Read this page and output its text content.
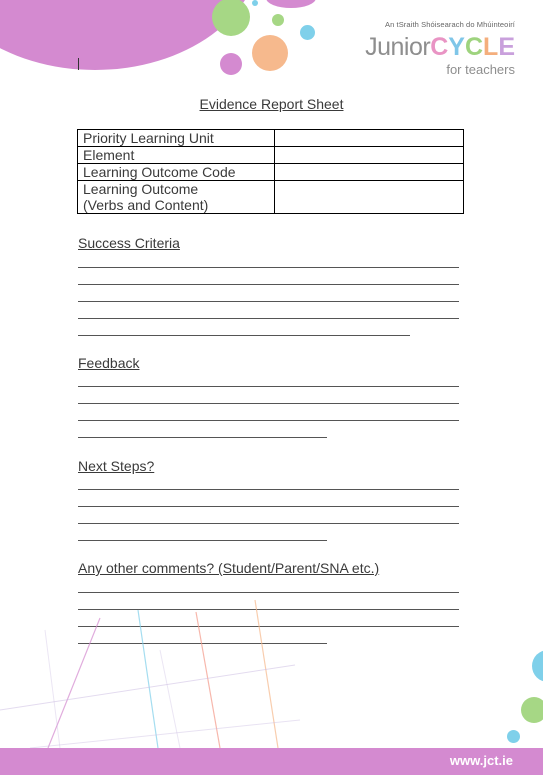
An tSraith Shóisearach do Mhúinteoirí
JuniorCYCLE
for teachers
Evidence Report Sheet
Priority Learning Unit	
Element	
Learning Outcome Code	
Learning Outcome
(Verbs and Content)	
Success Criteria
Feedback
Next Steps?
Any other comments? (Student/Parent/SNA etc.)
www.jct.ie
